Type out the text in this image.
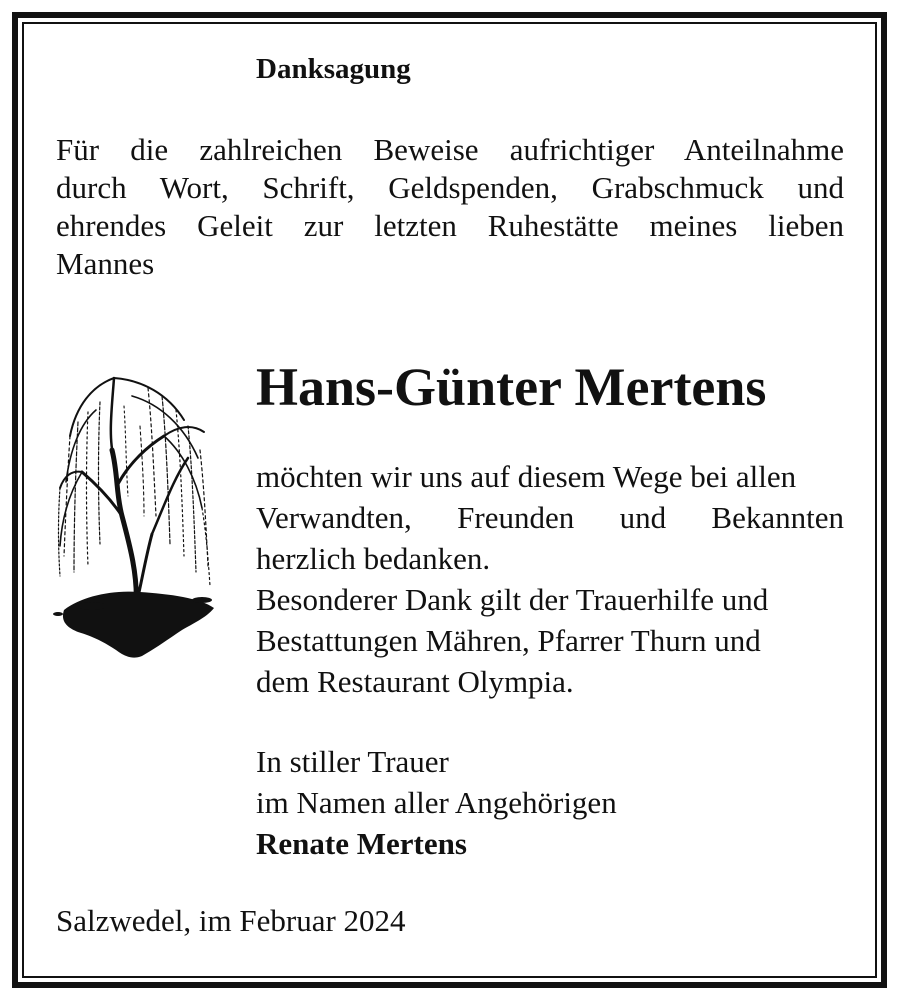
Danksagung
Für die zahlreichen Beweise aufrichtiger Anteilnahme
durch Wort, Schrift, Geldspenden, Grabschmuck und
ehrendes Geleit zur letzten Ruhestätte meines lieben
Mannes
Hans-Günter Mertens
möchten wir uns auf diesem Wege bei allen
Verwandten, Freunden und Bekannten
herzlich bedanken.
Besonderer Dank gilt der Trauerhilfe und
Bestattungen Mähren, Pfarrer Thurn und
dem Restaurant Olympia.
In stiller Trauer
im Namen aller Angehörigen
Renate Mertens
Salzwedel, im Februar 2024
